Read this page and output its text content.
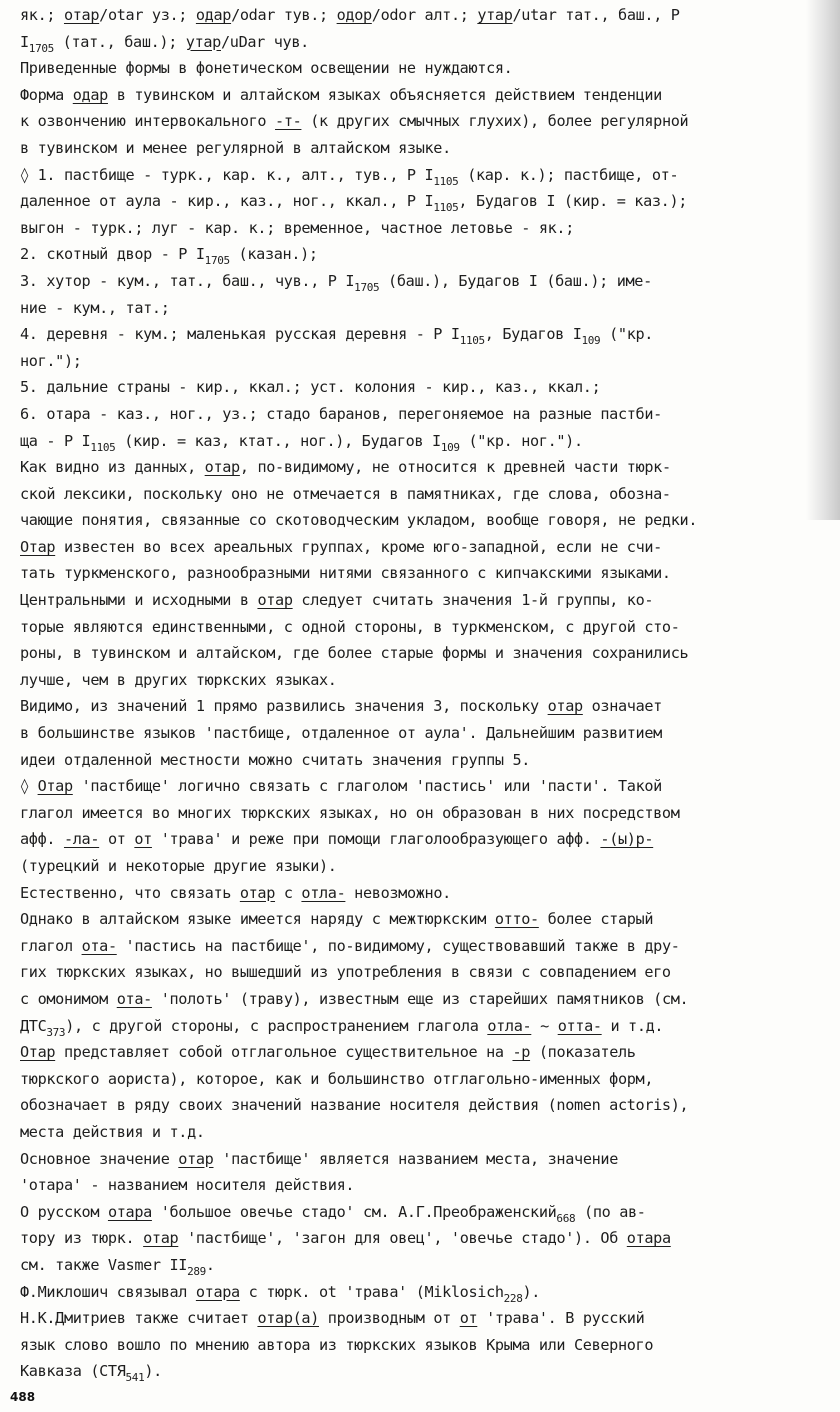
як.; отар/otar уз.; одар/odar тув.; одор/odor алт.; утар/utar тат., баш., Р
$I_{1705}$ (тат., баш.); утар/uDar чув.
Приведенные формы в фонетическом освещении не нуждаются.
Форма одар в тувинском и алтайском языках объясняется действием тенденции
к озвончению интервокального -т- (к других смычных глухих), более регулярной
в тувинском и менее регулярной в алтайском языке.
◊ 1. пастбище - турк., кар. к., алт., тув., Р $I_{1105}$ (кар. к.); пастбище, от-
даленное от аула - кир., каз., ног., ккал., Р $I_{1105}$, Будагов I (кир. = каз.);
выгон - турк.; луг - кар. к.; временное, частное летовье - як.;
2. скотный двор - Р $I_{1705}$ (казан.);
3. хутор - кум., тат., баш., чув., Р $I_{1705}$ (баш.), Будагов I (баш.); име-
ние - кум., тат.;
4. деревня - кум.; маленькая русская деревня - Р $I_{1105}$, Будагов $I_{109}$ ("кр.
ног.");
5. дальние страны - кир., ккал.; уст. колония - кир., каз., ккал.;
6. отара - каз., ног., уз.; стадо баранов, перегоняемое на разные пастби-
ща - Р $I_{1105}$ (кир. = каз, ктат., ног.), Будагов $I_{109}$ ("кр. ног.").
Как видно из данных, отар, по-видимому, не относится к древней части тюрк-
ской лексики, поскольку оно не отмечается в памятниках, где слова, обозна-
чающие понятия, связанные со скотоводческим укладом, вообще говоря, не редки.
Отар известен во всех ареальных группах, кроме юго-западной, если не счи-
тать туркменского, разнообразными нитями связанного с кипчакскими языками.
Центральными и исходными в отар следует считать значения 1-й группы, ко-
торые являются единственными, с одной стороны, в туркменском, с другой сто-
роны, в тувинском и алтайском, где более старые формы и значения сохранились
лучше, чем в других тюркских языках.
Видимо, из значений 1 прямо развились значения 3, поскольку отар означает
в большинстве языков 'пастбище, отдаленное от аула'. Дальнейшим развитием
идеи отдаленной местности можно считать значения группы 5.
◊ Отар 'пастбище' логично связать с глаголом 'пастись' или 'пасти'. Такой
глагол имеется во многих тюркских языках, но он образован в них посредством
афф. -ла- от от 'трава' и реже при помощи глаголообразующего афф. -(ы)р-
(турецкий и некоторые другие языки).
Естественно, что связать отар с отла- невозможно.
Однако в алтайском языке имеется наряду с межтюркским отто- более старый
глагол ота- 'пастись на пастбище', по-видимому, существовавший также в дру-
гих тюркских языках, но вышедший из употребления в связи с совпадением его
с омонимом ота- 'полоть' (траву), известным еще из старейших памятников (см.
$ДТС_{373}$), с другой стороны, с распространением глагола отла- ~ отта- и т.д.
Отар представляет собой отглагольное существительное на -р (показатель
тюркского аориста), которое, как и большинство отглагольно-именных форм,
обозначает в ряду своих значений название носителя действия (nomen actoris),
места действия и т.д.
Основное значение отар 'пастбище' является названием места, значение
'отара' - названием носителя действия.
О русском отара 'большое овечье стадо' см. А.Г.Преображенский$_{668}$ (по ав-
тору из тюрк. отар 'пастбище', 'загон для овец', 'овечье стадо'). Об отара
см. также Vasmer $II_{289}$.
Ф.Миклошич связывал отара с тюрк. ot 'трава' (Miklosich$_{228}$).
Н.К.Дмитриев также считает отар(а) производным от от 'трава'. В русский
язык слово вошло по мнению автора из тюркских языков Крыма или Северного
Кавказа $(СТЯ_{541})$.
488
